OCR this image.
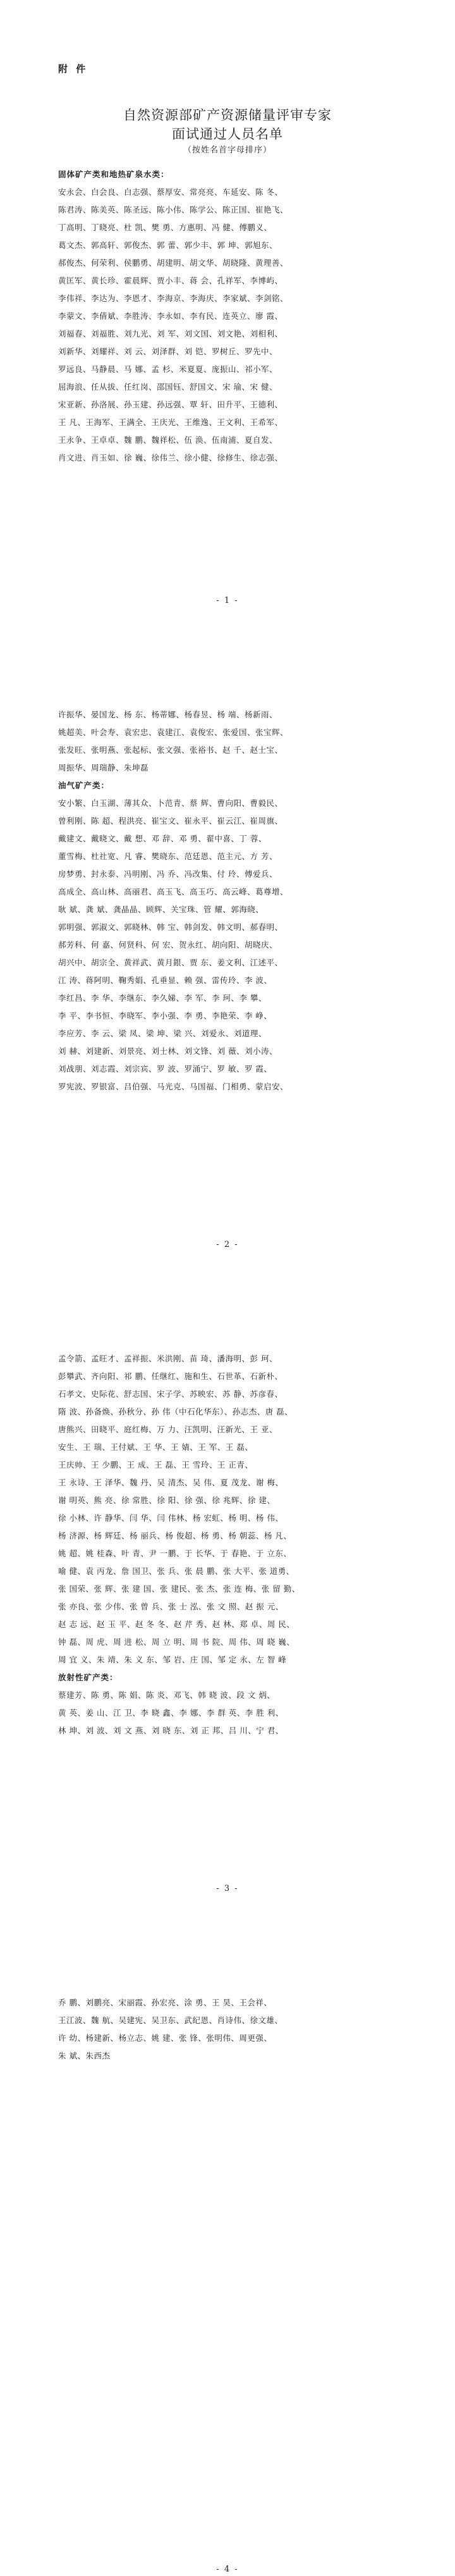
附 件
自然资源部矿产资源储量评审专家
面试通过人员名单
（按姓名首字母排序）
固体矿产类和地热矿泉水类：
安永会、白会良、白志强、蔡厚安、常亮亮、车延安、陈 冬、
陈君涛、陈美英、陈圣远、陈小伟、陈学公、陈正国、崔艳飞、
丁高明、丁晓亮、杜 凯、樊 勇、方惠明、冯 健、傅鹏义、
葛文杰、郭高轩、郭俊杰、郭 蕾、郭少丰、郭 坤、郭旭东、
郝俊杰、何荣利、侯鹏勇、胡建明、胡文华、胡晓隆、黄理善、
黄匡军、黄长珍、霍晨辉、贾小丰、蒋 会、孔祥军、李博屿、
李伟祥、李达为、李恩才、李海京、李海庆、李家斌、李剑铭、
李蒙文、李倩斌、李胜涛、李永如、李有民、连英立、廖 霞、
刘福春、刘福胜、刘九光、刘 军、刘文国、刘文艳、刘相利、
刘新华、刘耀祥、刘 云、刘泽群、刘 铠、罗树丘、罗先中、
罗远良、马静晨、马 娜、孟 杉、米夏夏、庞振山、祁小军、
屈海浪、任从拔、任红岗、邵国钰、舒国文、宋 瑜、宋 健、
宋亚新、孙洛展、孙玉建、孙远强、覃 轩、田升平、王德利、
王 凡、王海军、王满全、王庆光、王维逸、王文利、王希军、
王永争、王卓卓、魏 鹏、魏祥松、伍 涣、伍南浦、夏自发、
肖文进、肖玉如、徐 巍、徐伟兰、徐小健、徐修生、徐志强、
- 1 -
许振华、晏国龙、杨 东、杨蒂娜、杨春昱、杨 端、杨新雨、
姚超美、叶会寿、袁宏忠、袁建江、袁俊宏、张爱国、张宝辉、
张发旺、张明燕、张起标、张文强、张裕书、赵 千、赵士宝、
周振华、周瑞静、朱坤磊
油气矿产类：
安小繁、白玉湖、薄其众、卜范青、蔡 辉、曹向阳、曹毅民、
曾利刚、陈 超、程洪亮、崔宝文、崔永平、崔云江、崔周旗、
戴建文、戴晓文、戴 想、邓 辞、邓 勇、翟中喜、丁 蓉、
董雪梅、杜社宽、凡 睿、樊晓东、范廷恩、范主元、方 芳、
房梦勇、封永泰、冯明刚、冯 乔、冯改集、付 玲、傅爱兵、
高成全、高山林、高丽君、高玉飞、高玉巧、高云峰、葛尊增、
耿 斌、龚 斌、龚晶晶、顾辉、关宝珠、管 耀、郭海晓、
郭明强、郭淑文、郭晓林、韩 宝、韩剑发、韩文明、郝春明、
郝芳科、何 嘉、何贤科、何 宏、贺永红、胡向阳、胡晓庆、
胡兴中、胡宗全、黄祥武、黄月銀、贾 东、姜文利、江述平、
江 涛、蒋阿明、鞠秀娟、孔垂显、赖 强、雷传玲、李 波、
李红昌、李 华、李继东、李久娣、李 军、李 珂、李 攀、
李 平、李书恒、李晓军、李小强、李 勇、李艳荣、李 峥、
李应芳、李 云、梁 凤、梁 坤、梁 兴、刘爱永、刘道理、
刘 赫、刘建新、刘景亮、刘士林、刘文锋、刘 薇、刘小涛、
刘战朋、刘志霞、刘宗宾、罗 波、罗涌宁、罗 敏、罗 霞、
罗宪波、罗银富、吕伯强、马光克、马国福、门相勇、蒙启安、
- 2 -
孟令箭、孟旺才、孟祥振、米洪刚、苗 琦、潘海明、彭 珂、
彭攀武、齐向阳、祁 鹏、任继红、施和生、石世革、石新朴、
石孝文、史际花、舒志国、宋子学、苏映宏、苏 静、苏彦春、
隋 波、孙备焕、孙秋分、孙 伟（中石化华东）、孙志杰、唐 磊、
唐熊兴、田晓平、庭红梅、万 力、汪凯明、汪新光、王 亚、
安生、王 瑞、王付斌、王 华、王 婧、王 军、王 磊、
王庆帅、王 少鹏、王 成、王 磊、王 雪玲、王 正青、
王 永诗、王 泽华、魏 丹、吴 清杰、吴 伟、夏 茂龙、谢 梅、
谢 明英、熊 亮、徐 常胜、徐 阳、徐 强、徐 兆辉、徐 建、
徐 小林、许 静华、闫 华、闫 伟林、杨 宏虹、杨 明、杨 伟、
杨 济源、杨 辉廷、杨 丽兵、杨 俊超、杨 勇、杨 朝蕊、杨 凡、
姚 超、姚 桂森、叶 青、尹 一鹏、于 长华、于 春艳、于 立东、
喻 健、袁 丙龙、詹 国卫、张 兵、张 晨 鹏、张 大平、张 道勇、
张 国荣、张 辉、张 建 国、张 建民、张 杰、张 连 梅、张 留 勤、
张 亦良、张 少伟、张 曾 兵、张 士 泓、张 文 照、赵 振 元、
赵 志 远、赵 玉 平、赵 冬 冬、赵 芹 秀、赵 林、郑 卓、周 民、
钟 磊、周 虎、周 进 松、周 立 明、周 书 院、周 伟、周 晓 巍、
周 宜 义、朱 靖、朱 义 东、邹 岩、庄 国、邹 定 永、左 智 峰
放射性矿产类：
蔡建芳、陈 勇、陈 娟、陈 炎、邓飞、韩 晓 波、段 文 炳、
黄 英、姜 山、江 卫、李 晓 鑫、李 娜、李 群 英、李 胜 利、
林 坤、刘 波、刘 文 燕、刘 晓 东、刘 正 邦、吕 川、宁 君、
- 3 -
乔 鹏、刘鹏亮、宋丽霞、孙宏亮、涂 勇、王 昊、王会祥、
王江波、魏 航、吴建宪、吴卫东、武纪恩、肖诗伟、徐文雄、
许 幼、杨建新、杨立志、姚 建、张 锋、张明伟、周更强、
朱 斌、朱西杰
- 4 -
